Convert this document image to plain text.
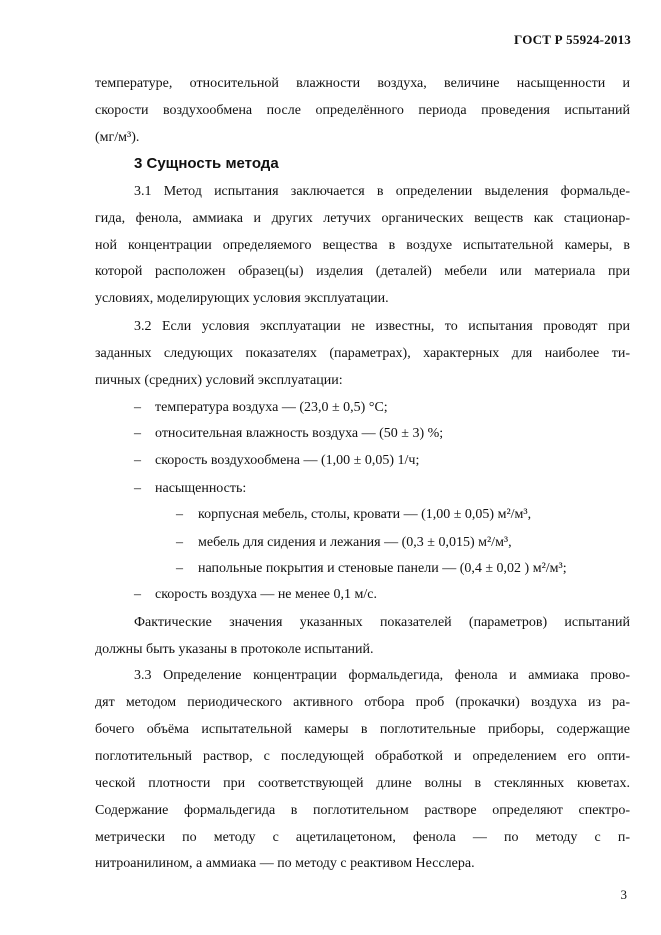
ГОСТ Р 55924-2013
температуре, относительной влажности воздуха, величине насыщенности и
скорости воздухообмена после определённого периода проведения испытаний
(мг/м³).
3 Сущность метода
3.1 Метод испытания заключается в определении выделения формальде-
гида, фенола, аммиака и других летучих органических веществ как стационар-
ной концентрации определяемого вещества в воздухе испытательной камеры, в
которой расположен образец(ы) изделия (деталей) мебели или материала при
условиях, моделирующих условия эксплуатации.
3.2 Если условия эксплуатации не известны, то испытания проводят при
заданных следующих показателях (параметрах), характерных для наиболее ти-
пичных (средних) условий эксплуатации:
–	температура воздуха — (23,0 ± 0,5) °С;
–	относительная влажность воздуха — (50 ± 3) %;
–	скорость воздухообмена — (1,00 ± 0,05) 1/ч;
–	насыщенность:
–	корпусная мебель, столы, кровати — (1,00 ± 0,05) м²/м³,
–	мебель для сидения и лежания — (0,3 ± 0,015) м²/м³,
–	напольные покрытия и стеновые панели — (0,4 ± 0,02 ) м²/м³;
–	скорость воздуха — не менее 0,1 м/с.
Фактические значения указанных показателей (параметров) испытаний
должны быть указаны в протоколе испытаний.
3.3 Определение концентрации формальдегида, фенола и аммиака прово-
дят методом периодического активного отбора проб (прокачки) воздуха из ра-
бочего объёма испытательной камеры в поглотительные приборы, содержащие
поглотительный раствор, с последующей обработкой и определением его опти-
ческой плотности при соответствующей длине волны в стеклянных кюветах.
Содержание формальдегида в поглотительном растворе определяют спектро-
метрически по методу с ацетилацетоном, фенола — по методу с п-
нитроанилином, а аммиака — по методу с реактивом Несслера.
3
